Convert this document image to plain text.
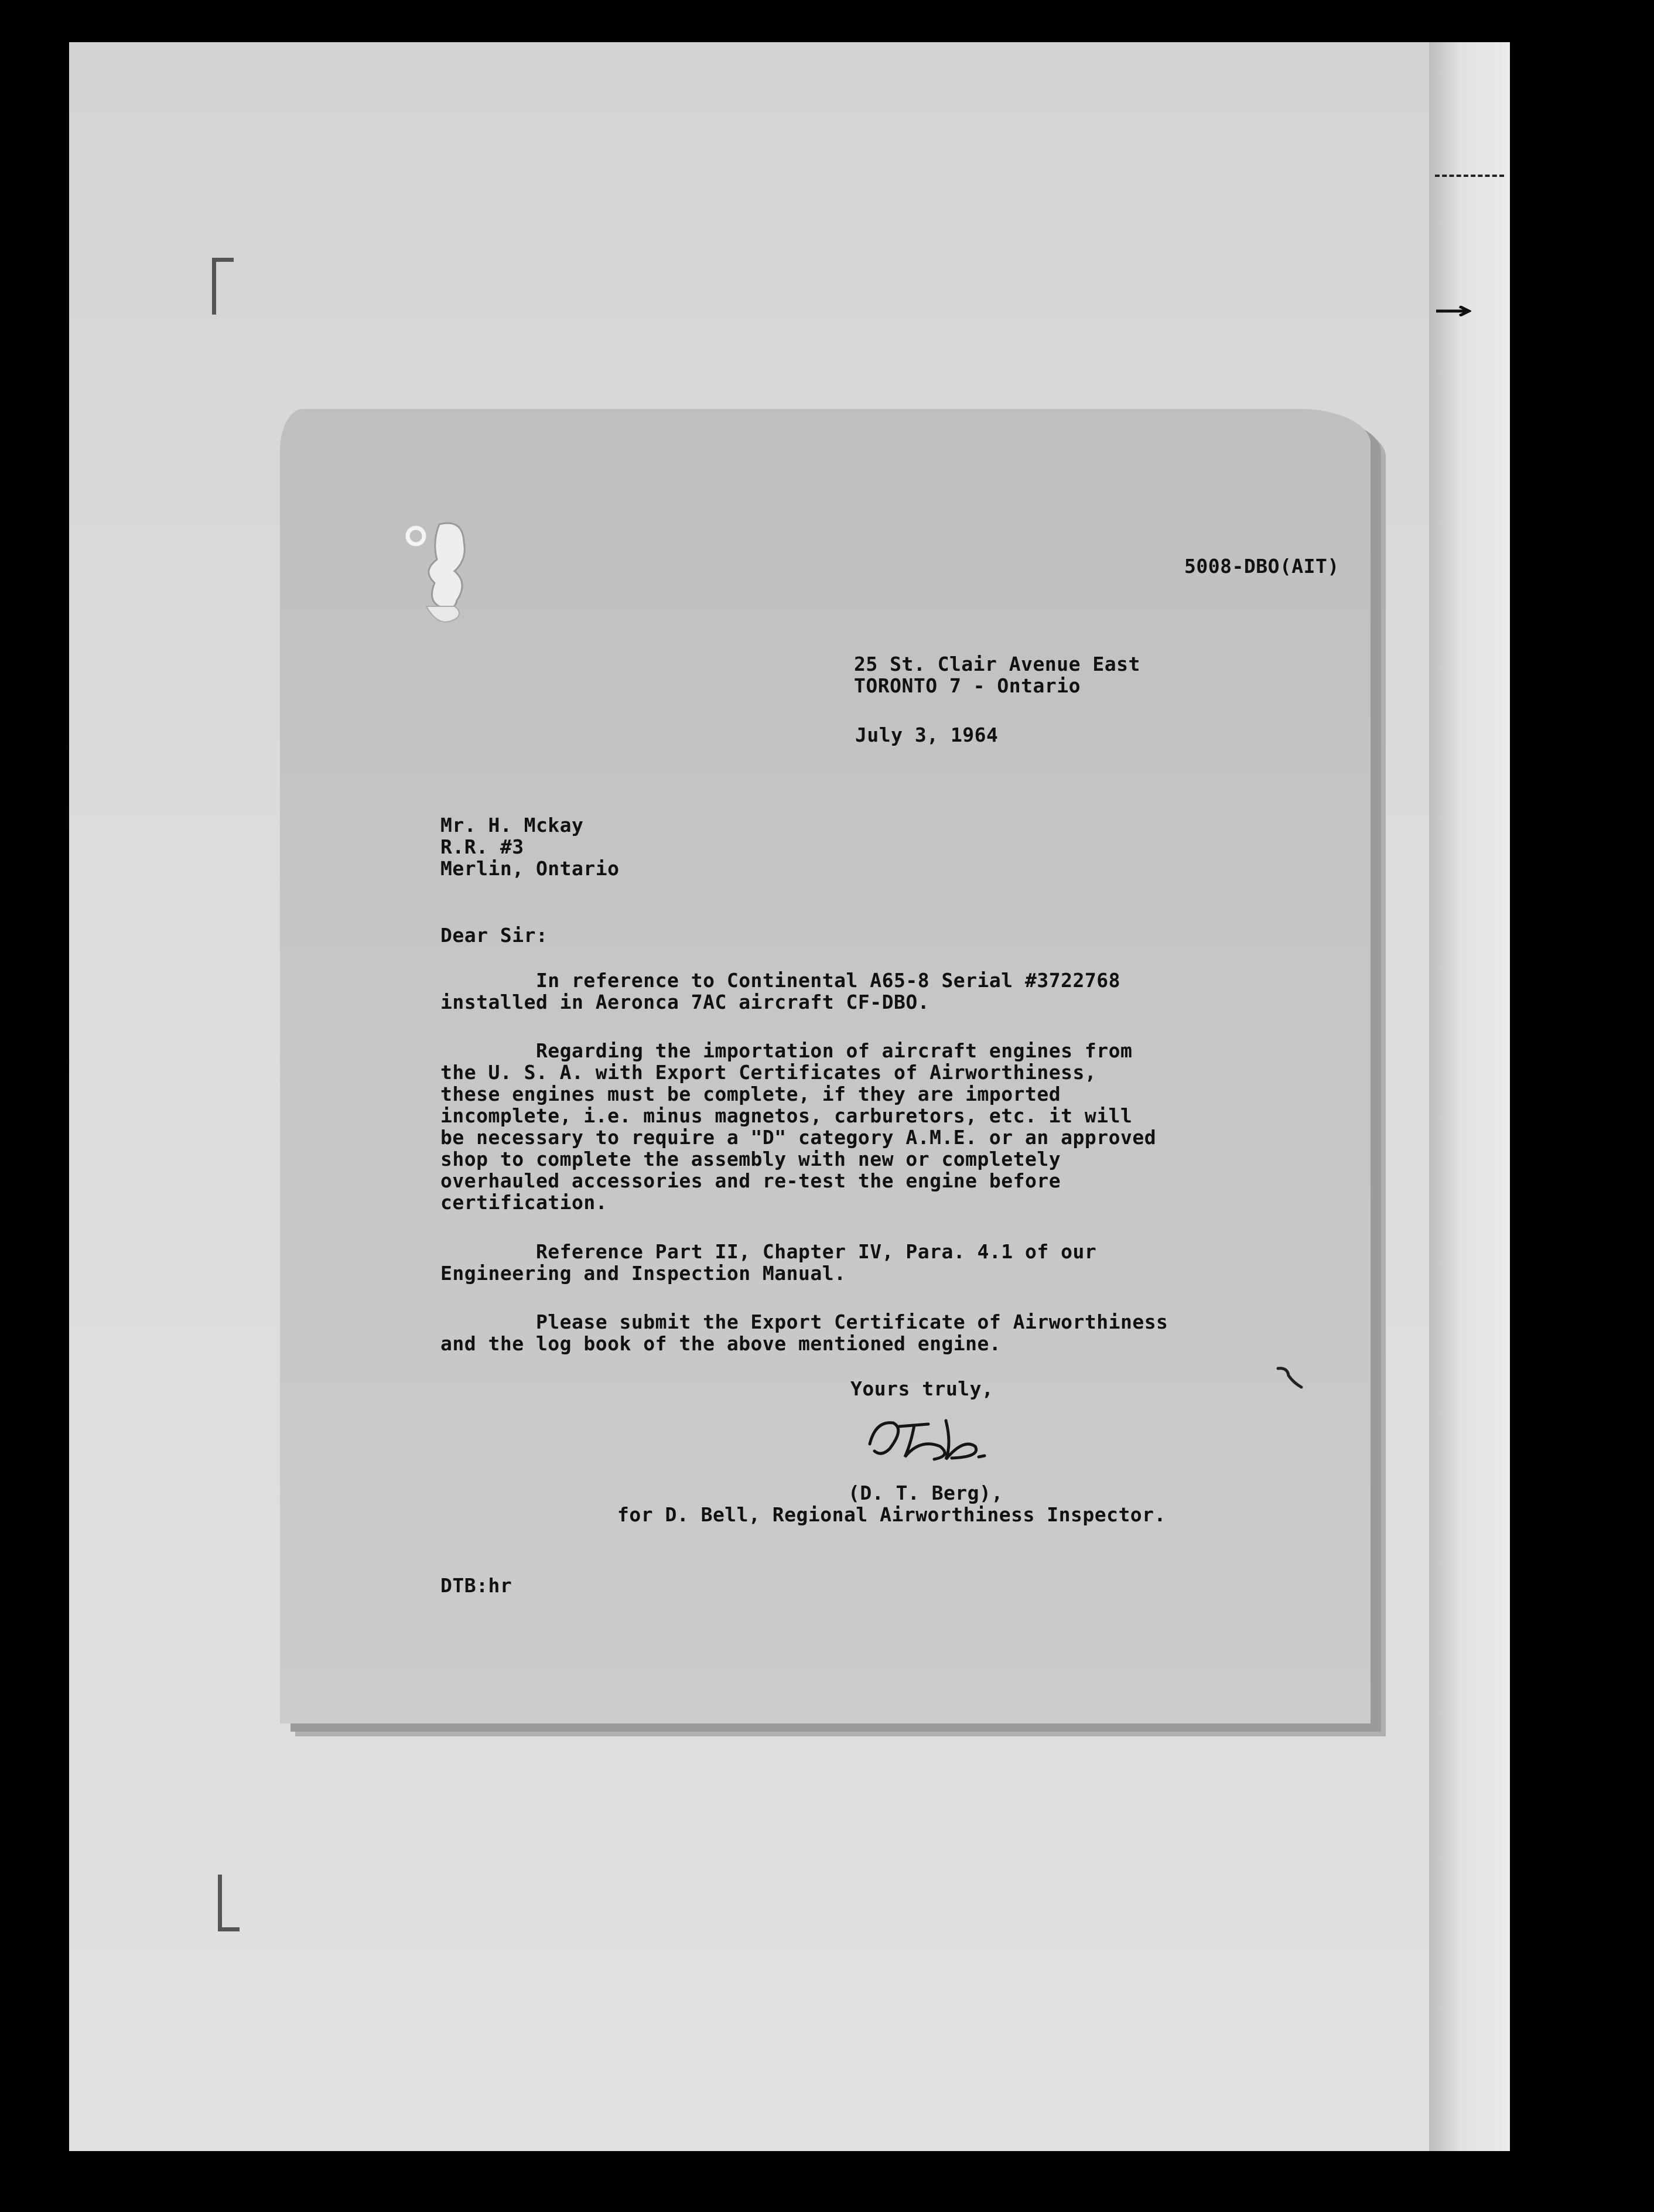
5008-DBO(AIT)
25 St. Clair Avenue East
TORONTO 7 - Ontario
July 3, 1964
Mr. H. Mckay
R.R. #3
Merlin, Ontario
Dear Sir:
In reference to Continental A65-8 Serial #3722768
installed in Aeronca 7AC aircraft CF-DBO.
Regarding the importation of aircraft engines from
the U. S. A. with Export Certificates of Airworthiness,
these engines must be complete, if they are imported
incomplete, i.e. minus magnetos, carburetors, etc. it will
be necessary to require a "D" category A.M.E. or an approved
shop to complete the assembly with new or completely
overhauled accessories and re-test the engine before
certification.
Reference Part II, Chapter IV, Para. 4.1 of our
Engineering and Inspection Manual.
Please submit the Export Certificate of Airworthiness
and the log book of the above mentioned engine.
Yours truly,
(D. T. Berg),
for D. Bell, Regional Airworthiness Inspector.
DTB:hr
